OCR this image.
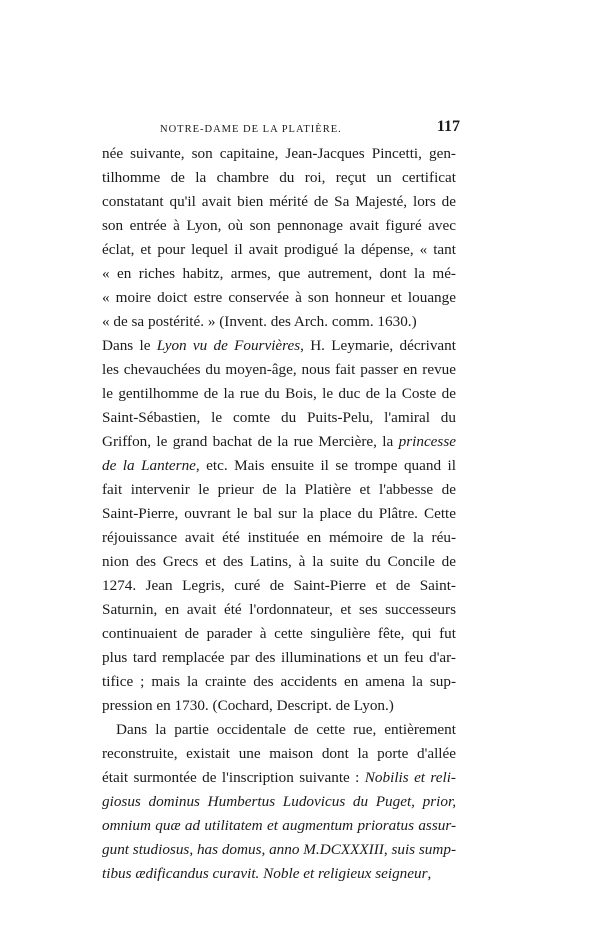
NOTRE-DAME DE LA PLATIÈRE.	117
née suivante, son capitaine, Jean-Jacques Pincetti, gen-
tilhomme de la chambre du roi, reçut un certificat
constatant qu'il avait bien mérité de Sa Majesté, lors de
son entrée à Lyon, où son pennonage avait figuré avec
éclat, et pour lequel il avait prodigué la dépense, « tant
« en riches habitz, armes, que autrement, dont la mé-
« moire doict estre conservée à son honneur et louange
« de sa postérité. » (Invent. des Arch. comm. 1630.)
Dans le Lyon vu de Fourvières, H. Leymarie, décrivant
les chevauchées du moyen-âge, nous fait passer en revue
le gentilhomme de la rue du Bois, le duc de la Coste de
Saint-Sébastien, le comte du Puits-Pelu, l'amiral du
Griffon, le grand bachat de la rue Mercière, la princesse
de la Lanterne, etc. Mais ensuite il se trompe quand il
fait intervenir le prieur de la Platière et l'abbesse de
Saint-Pierre, ouvrant le bal sur la place du Plâtre. Cette
réjouissance avait été instituée en mémoire de la réu-
nion des Grecs et des Latins, à la suite du Concile de
1274. Jean Legris, curé de Saint-Pierre et de Saint-
Saturnin, en avait été l'ordonnateur, et ses successeurs
continuaient de parader à cette singulière fête, qui fut
plus tard remplacée par des illuminations et un feu d'ar-
tifice ; mais la crainte des accidents en amena la sup-
pression en 1730. (Cochard, Descript. de Lyon.)
Dans la partie occidentale de cette rue, entièrement
reconstruite, existait une maison dont la porte d'allée
était surmontée de l'inscription suivante : Nobilis et reli-
giosus dominus Humbertus Ludovicus du Puget, prior,
omnium quæ ad utilitatem et augmentum prioratus assur-
gunt studiosus, has domus, anno M.DCXXXIII, suis sump-
tibus ædificandus curavit. Noble et religieux seigneur,
